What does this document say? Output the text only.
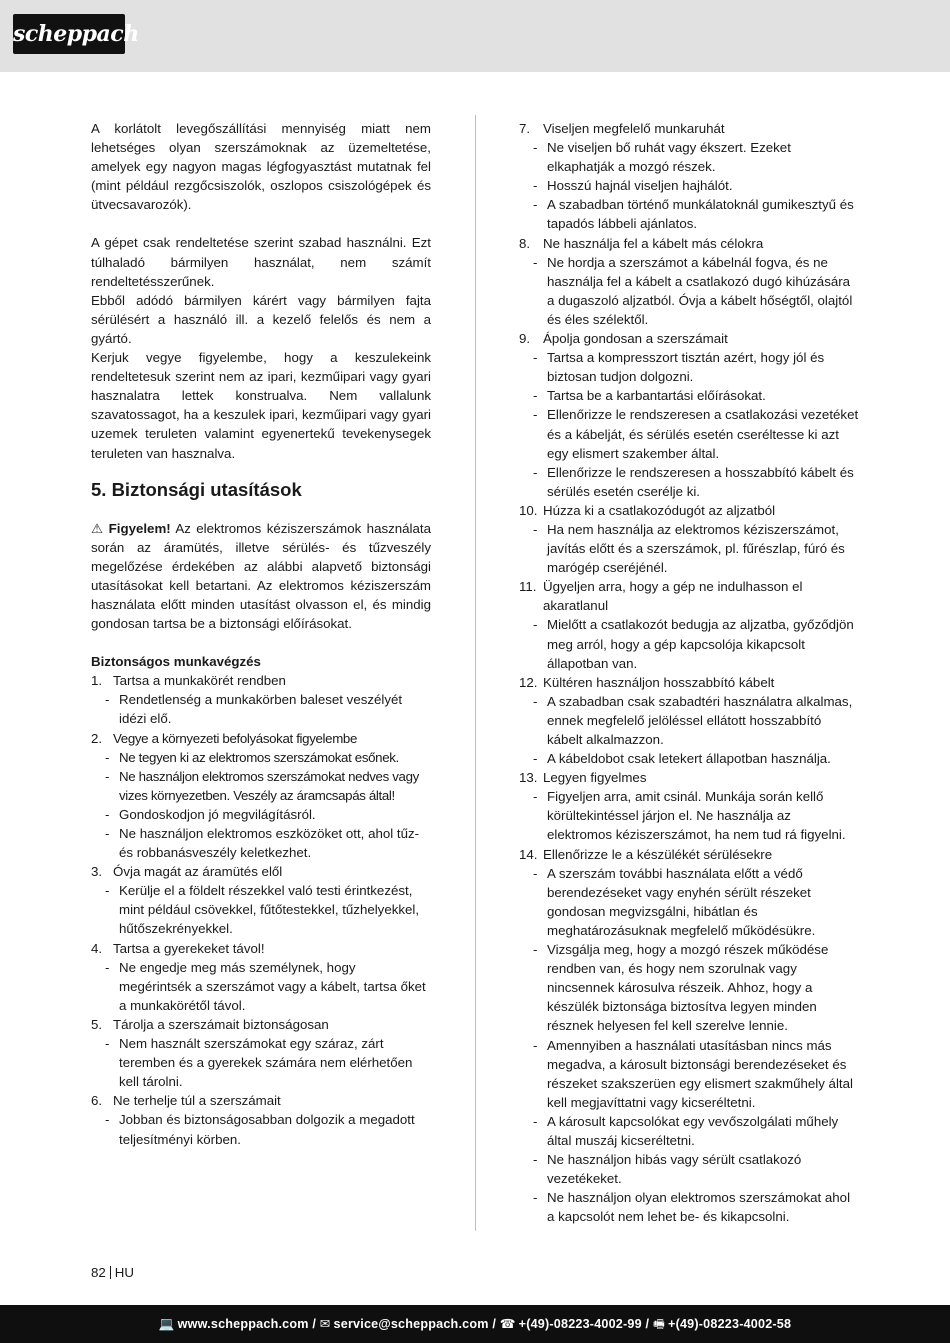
scheppach

A korlátolt levegőszállítási mennyiség miatt nem lehetséges olyan szerszámoknak az üzemeltetése, amelyek egy nagyon magas légfogyasztást mutatnak fel (mint például rezgőcsiszolók, oszlopos csiszológépek és ütvecsavarozók).

A gépet csak rendeltetése szerint szabad használni. Ezt túlhaladó bármilyen használat, nem számít rendeltetésszerűnek.

Ebből adódó bármilyen kárért vagy bármilyen fajta sérülésért a használó ill. a kezelő felelős és nem a gyártó.

Kerjuk vegye figyelembe, hogy a keszulekeink rendeltetesuk szerint nem az ipari, kezműipari vagy gyari hasznalatra lettek konstrualva. Nem vallalunk szavatossagot, ha a keszulek ipari, kezműipari vagy gyari uzemek teruleten valamint egyenertekű tevekenysegek teruleten van hasznalva.

5. Biztonsági utasítások

⚠ Figyelem! Az elektromos kéziszerszámok használata során az áramütés, illetve sérülés- és tűzveszély megelőzése érdekében az alábbi alapvető biztonsági utasításokat kell betartani. Az elektromos kéziszerszám használata előtt minden utasítást olvasson el, és mindig gondosan tartsa be a biztonsági előírásokat.

Biztonságos munkavégzés
1. Tartsa a munkakörét rendben
- Rendetlenség a munkakörben baleset veszélyét idézi elő.
2. Vegye a környezeti befolyásokat figyelembe
- Ne tegyen ki az elektromos szerszámokat esőnek.
- Ne használjon elektromos szerszámokat nedves vagy vizes környezetben. Veszély az áramcsapás által!
- Gondoskodjon jó megvilágításról.
- Ne használjon elektromos eszközöket ott, ahol tűz- és robbanásveszély keletkezhet.
3. Óvja magát az áramütés elől
- Kerülje el a földelt részekkel való testi érintkezést, mint például csövekkel, fűtőtestekkel, tűzhelyekkel, hűtőszekrényekkel.
4. Tartsa a gyerekeket távol!
- Ne engedje meg más személynek, hogy megérintsék a szerszámot vagy a kábelt, tartsa őket a munkakörétől távol.
5. Tárolja a szerszámait biztonságosan
- Nem használt szerszámokat egy száraz, zárt teremben és a gyerekek számára nem elérhetően kell tárolni.
6. Ne terhelje túl a szerszámait
- Jobban és biztonságosabban dolgozik a megadott teljesítményi körben.
7. Viseljen megfelelő munkaruhát
- Ne viseljen bő ruhát vagy ékszert. Ezeket elkaphatják a mozgó részek.
- Hosszú hajnál viseljen hajhálót.
- A szabadban történő munkálatoknál gumikesztyű és tapadós lábbeli ajánlatos.
8. Ne használja fel a kábelt más célokra
- Ne hordja a szerszámot a kábelnál fogva, és ne használja fel a kábelt a csatlakozó dugó kihúzására a dugaszoló aljzatból. Óvja a kábelt hőségtől, olajtól és éles szélektől.
9. Ápolja gondosan a szerszámait
- Tartsa a kompresszort tisztán azért, hogy jól és biztosan tudjon dolgozni.
- Tartsa be a karbantartási előírásokat.
- Ellenőrizze le rendszeresen a csatlakozási vezetéket és a kábelját, és sérülés esetén cseréltesse ki azt egy elismert szakember által.
- Ellenőrizze le rendszeresen a hosszabbító kábelt és sérülés esetén cserélje ki.
10. Húzza ki a csatlakozódugót az aljzatból
- Ha nem használja az elektromos kéziszerszámot, javítás előtt és a szerszámok, pl. fűrészlap, fúró és marógép cseréjénél.
11. Ügyeljen arra, hogy a gép ne indulhasson el akaratlanul
- Mielőtt a csatlakozót bedugja az aljzatba, győződjön meg arról, hogy a gép kapcsolója kikapcsolt állapotban van.
12. Kültéren használjon hosszabbító kábelt
- A szabadban csak szabadtéri használatra alkalmas, ennek megfelelő jelöléssel ellátott hosszabbító kábelt alkalmazzon.
- A kábeldobot csak letekert állapotban használja.
13. Legyen figyelmes
- Figyeljen arra, amit csinál. Munkája során kellő körültekintéssel járjon el. Ne használja az elektromos kéziszerszámot, ha nem tud rá figyelni.
14. Ellenőrizze le a készülékét sérülésekre
- A szerszám további használata előtt a védő berendezéseket vagy enyhén sérült részeket gondosan megvizsgálni, hibátlan és meghatározásuknak megfelelő működésükre.
- Vizsgálja meg, hogy a mozgó részek működése rendben van, és hogy nem szorulnak vagy nincsennek károsulva részeik. Ahhoz, hogy a készülék biztonsága biztosítva legyen minden résznek helyesen fel kell szerelve lennie.
- Amennyiben a használati utasításban nincs más megadva, a károsult biztonsági berendezéseket és részeket szakszerüen egy elismert szakműhely által kell megjavíttatni vagy kicseréltetni.
- A károsult kapcsolókat egy vevőszolgálati műhely által muszáj kicseréltetni.
- Ne használjon hibás vagy sérült csatlakozó vezetékeket.
- Ne használjon olyan elektromos szerszámokat ahol a kapcsolót nem lehet be- és kikapcsolni.
82 HU
💻 www.scheppach.com / ✉ service@scheppach.com / ☎ +(49)-08223-4002-99 / 🖷 +(49)-08223-4002-58
